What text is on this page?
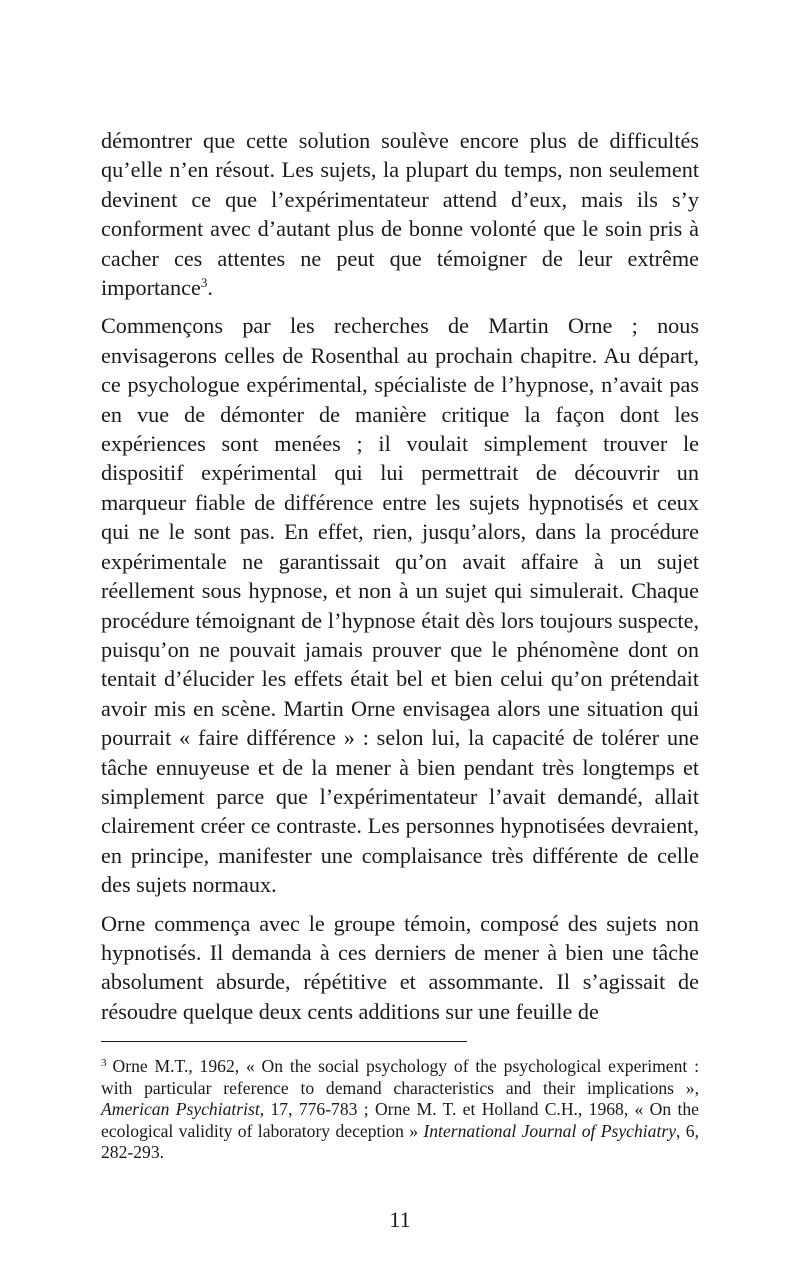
démontrer que cette solution soulève encore plus de difficultés qu’elle n’en résout. Les sujets, la plupart du temps, non seulement devinent ce que l’expérimentateur attend d’eux, mais ils s’y conforment avec d’autant plus de bonne volonté que le soin pris à cacher ces attentes ne peut que témoigner de leur extrême importance$^3$.

Commençons par les recherches de Martin Orne ; nous envisagerons celles de Rosenthal au prochain chapitre. Au départ, ce psychologue expérimental, spécialiste de l’hypnose, n’avait pas en vue de démonter de manière critique la façon dont les expériences sont menées ; il voulait simplement trouver le dispositif expérimental qui lui permettrait de découvrir un marqueur fiable de différence entre les sujets hypnotisés et ceux qui ne le sont pas. En effet, rien, jusqu’alors, dans la procédure expérimentale ne garantissait qu’on avait affaire à un sujet réellement sous hypnose, et non à un sujet qui simulerait. Chaque procédure témoignant de l’hypnose était dès lors toujours suspecte, puisqu’on ne pouvait jamais prouver que le phénomène dont on tentait d’élucider les effets était bel et bien celui qu’on prétendait avoir mis en scène. Martin Orne envisagea alors une situation qui pourrait « faire différence » : selon lui, la capacité de tolérer une tâche ennuyeuse et de la mener à bien pendant très longtemps et simplement parce que l’expérimentateur l’avait demandé, allait clairement créer ce contraste. Les personnes hypnotisées devraient, en principe, manifester une complaisance très différente de celle des sujets normaux.

Orne commença avec le groupe témoin, composé des sujets non hypnotisés. Il demanda à ces derniers de mener à bien une tâche absolument absurde, répétitive et assommante. Il s’agissait de résoudre quelque deux cents additions sur une feuille de

$^3$ Orne M.T., 1962, « On the social psychology of the psychological experiment : with particular reference to demand characteristics and their implications », American Psychiatrist, 17, 776-783 ; Orne M. T. et Holland C.H., 1968, « On the ecological validity of laboratory deception » International Journal of Psychiatry, 6, 282-293.
11
